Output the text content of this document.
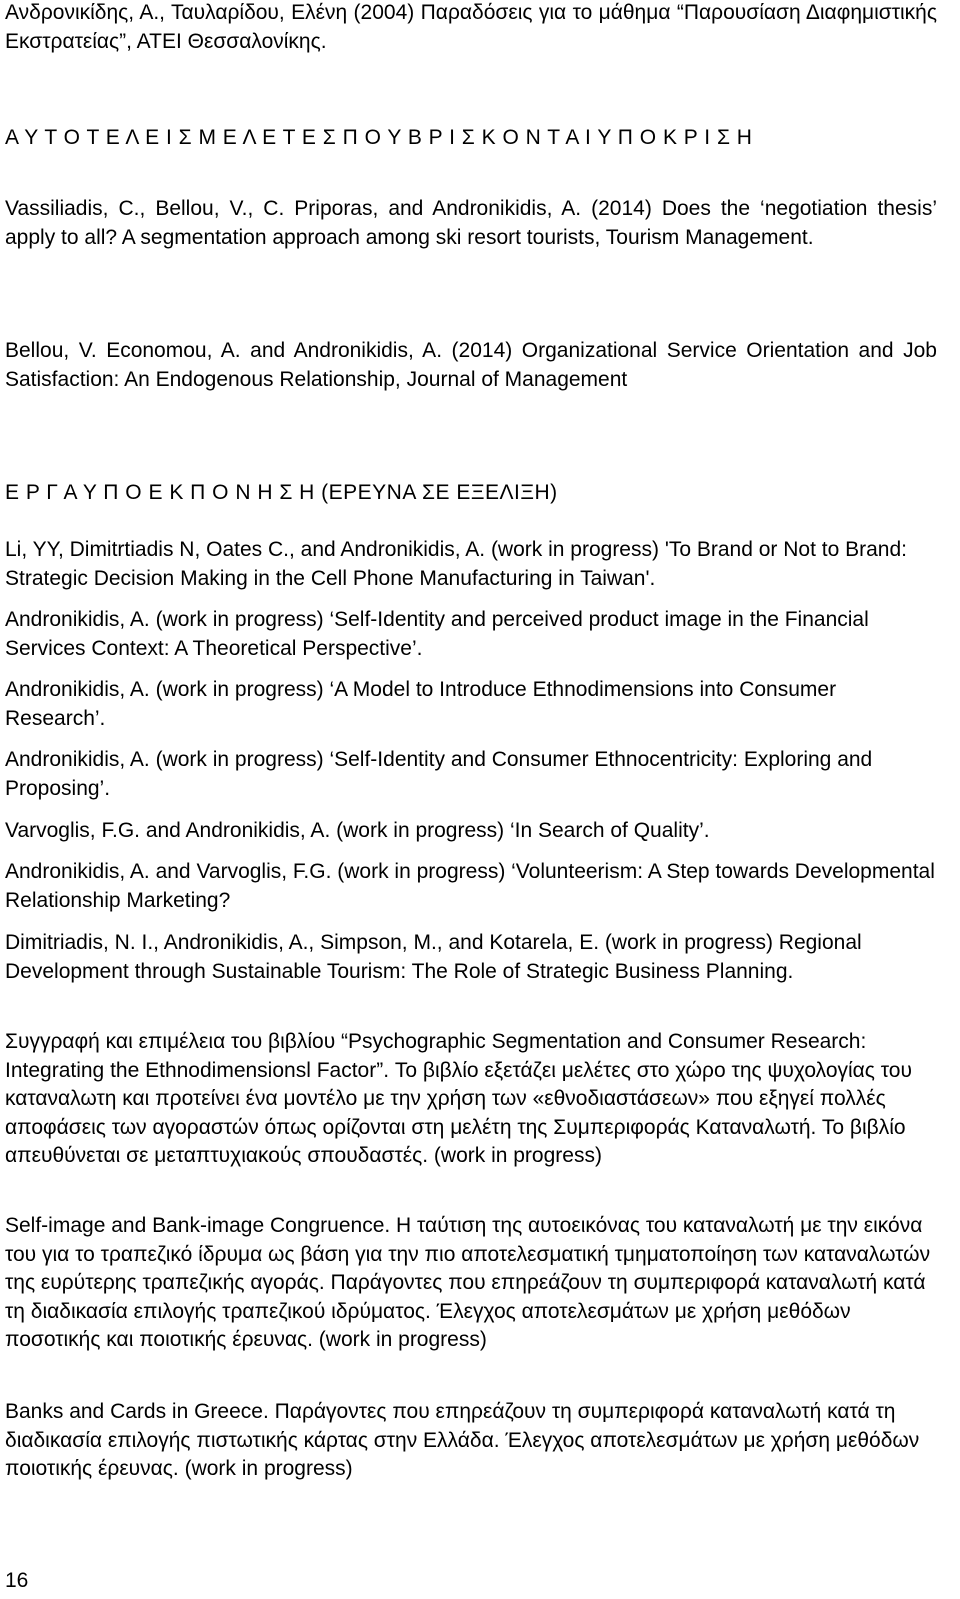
Ανδρονικίδης, Α., Ταυλαρίδου, Ελένη (2004) Παραδόσεις για το μάθημα “Παρουσίαση Διαφημιστικής Εκστρατείας”, ΑΤΕΙ Θεσσαλονίκης.

Α Υ Τ Ο Τ Ε Λ Ε Ι Σ Μ Ε Λ Ε Τ Ε Σ Π Ο Υ Β Ρ Ι Σ Κ Ο Ν Τ Α Ι Υ Π Ο Κ Ρ Ι Σ Η

Vassiliadis, C., Bellou, V., C. Priporas, and Andronikidis, A. (2014) Does the ‘negotiation thesis’ apply to all? A segmentation approach among ski resort tourists, Tourism Management.

Bellou, V. Economou, A. and Andronikidis, A. (2014) Organizational Service Orientation and Job Satisfaction: An Endogenous Relationship, Journal of Management

Ε Ρ Γ Α Υ Π Ο Ε Κ Π Ο Ν Η Σ Η (ΕΡΕΥΝΑ ΣΕ ΕΞΕΛΙΞΗ)

Li, YY, Dimitrtiadis N, Oates C., and Andronikidis, A. (work in progress) 'To Brand or Not to Brand: Strategic Decision Making in the Cell Phone Manufacturing in Taiwan'.

Andronikidis, A. (work in progress) ‘Self-Identity and perceived product image in the Financial Services Context: A Theoretical Perspective’.

Andronikidis, A. (work in progress) ‘A Model to Introduce Ethnodimensions into Consumer Research’.

Andronikidis, A. (work in progress) ‘Self-Identity and Consumer Ethnocentricity: Exploring and Proposing’.

Varvoglis, F.G. and Andronikidis, A. (work in progress) ‘In Search of Quality’.

Andronikidis, A. and Varvoglis, F.G. (work in progress) ‘Volunteerism: A Step towards Developmental Relationship Marketing?

Dimitriadis, N. I., Andronikidis, A., Simpson, M., and Kotarela, E. (work in progress) Regional Development through Sustainable Tourism: The Role of Strategic Business Planning.

Συγγραφή και επιμέλεια του βιβλίου “Psychographic Segmentation and Consumer Research: Integrating the Ethnodimensionsl Factor”. Το βιβλίο εξετάζει μελέτες στο χώρο της ψυχολογίας του καταναλωτη και προτείνει ένα μοντέλο με την χρήση των «εθνοδιαστάσεων» που εξηγεί πολλές αποφάσεις των αγοραστών όπως ορίζονται στη μελέτη της Συμπεριφοράς Καταναλωτή. Το βιβλίο απευθύνεται σε μεταπτυχιακούς σπουδαστές. (work in progress)

Self-image and Bank-image Congruence. Η ταύτιση της αυτοεικόνας του καταναλωτή με την εικόνα του για το τραπεζικό ίδρυμα ως βάση για την πιο αποτελεσματική τμηματοποίηση των καταναλωτών της ευρύτερης τραπεζικής αγοράς. Παράγοντες που επηρεάζουν τη συμπεριφορά καταναλωτή κατά τη διαδικασία επιλογής τραπεζικού ιδρύματος. Έλεγχος αποτελεσμάτων με χρήση μεθόδων ποσοτικής και ποιοτικής έρευνας. (work in progress)

Banks and Cards in Greece. Παράγοντες που επηρεάζουν τη συμπεριφορά καταναλωτή κατά τη διαδικασία επιλογής πιστωτικής κάρτας στην Ελλάδα. Έλεγχος αποτελεσμάτων με χρήση μεθόδων ποιοτικής έρευνας. (work in progress)

16
